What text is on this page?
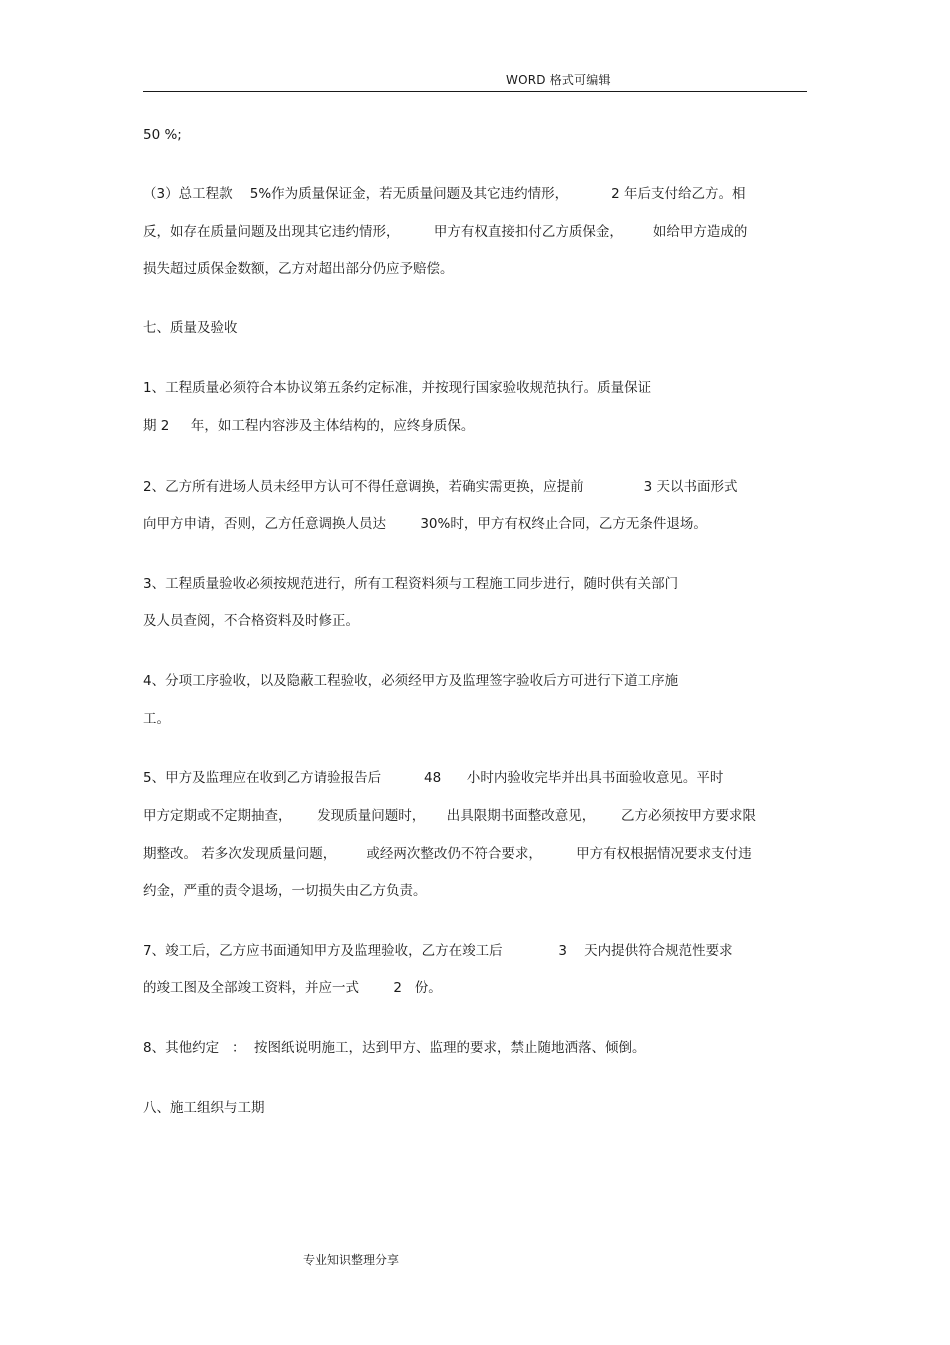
WORD 格式可编辑
50 %;
（3）总工程款    5%作为质量保证金，若无质量问题及其它违约情形，          2 年后支付给乙方。相
反，如存在质量问题及出现其它违约情形，        甲方有权直接扣付乙方质保金，       如给甲方造成的
损失超过质保金数额，乙方对超出部分仍应予赔偿。
七、质量及验收
1、工程质量必须符合本协议第五条约定标准，并按现行国家验收规范执行。质量保证
期 2     年，如工程内容涉及主体结构的，应终身质保。
2、乙方所有进场人员未经甲方认可不得任意调换，若确实需更换，应提前              3 天以书面形式
向甲方申请，否则，乙方任意调换人员达        30%时，甲方有权终止合同，乙方无条件退场。
3、工程质量验收必须按规范进行，所有工程资料须与工程施工同步进行，随时供有关部门
及人员查阅，不合格资料及时修正。
4、分项工序验收，以及隐蔽工程验收，必须经甲方及监理签字验收后方可进行下道工序施
工。
5、甲方及监理应在收到乙方请验报告后          48      小时内验收完毕并出具书面验收意见。平时
甲方定期或不定期抽查，      发现质量问题时，     出具限期书面整改意见，      乙方必须按甲方要求限
期整改。 若多次发现质量问题，       或经两次整改仍不符合要求，        甲方有权根据情况要求支付违
约金，严重的责令退场，一切损失由乙方负责。
7、竣工后，乙方应书面通知甲方及监理验收，乙方在竣工后             3    天内提供符合规范性要求
的竣工图及全部竣工资料，并应一式        2   份。
8、其他约定   ：  按图纸说明施工，达到甲方、监理的要求，禁止随地洒落、倾倒。
八、施工组织与工期
专业知识整理分享
